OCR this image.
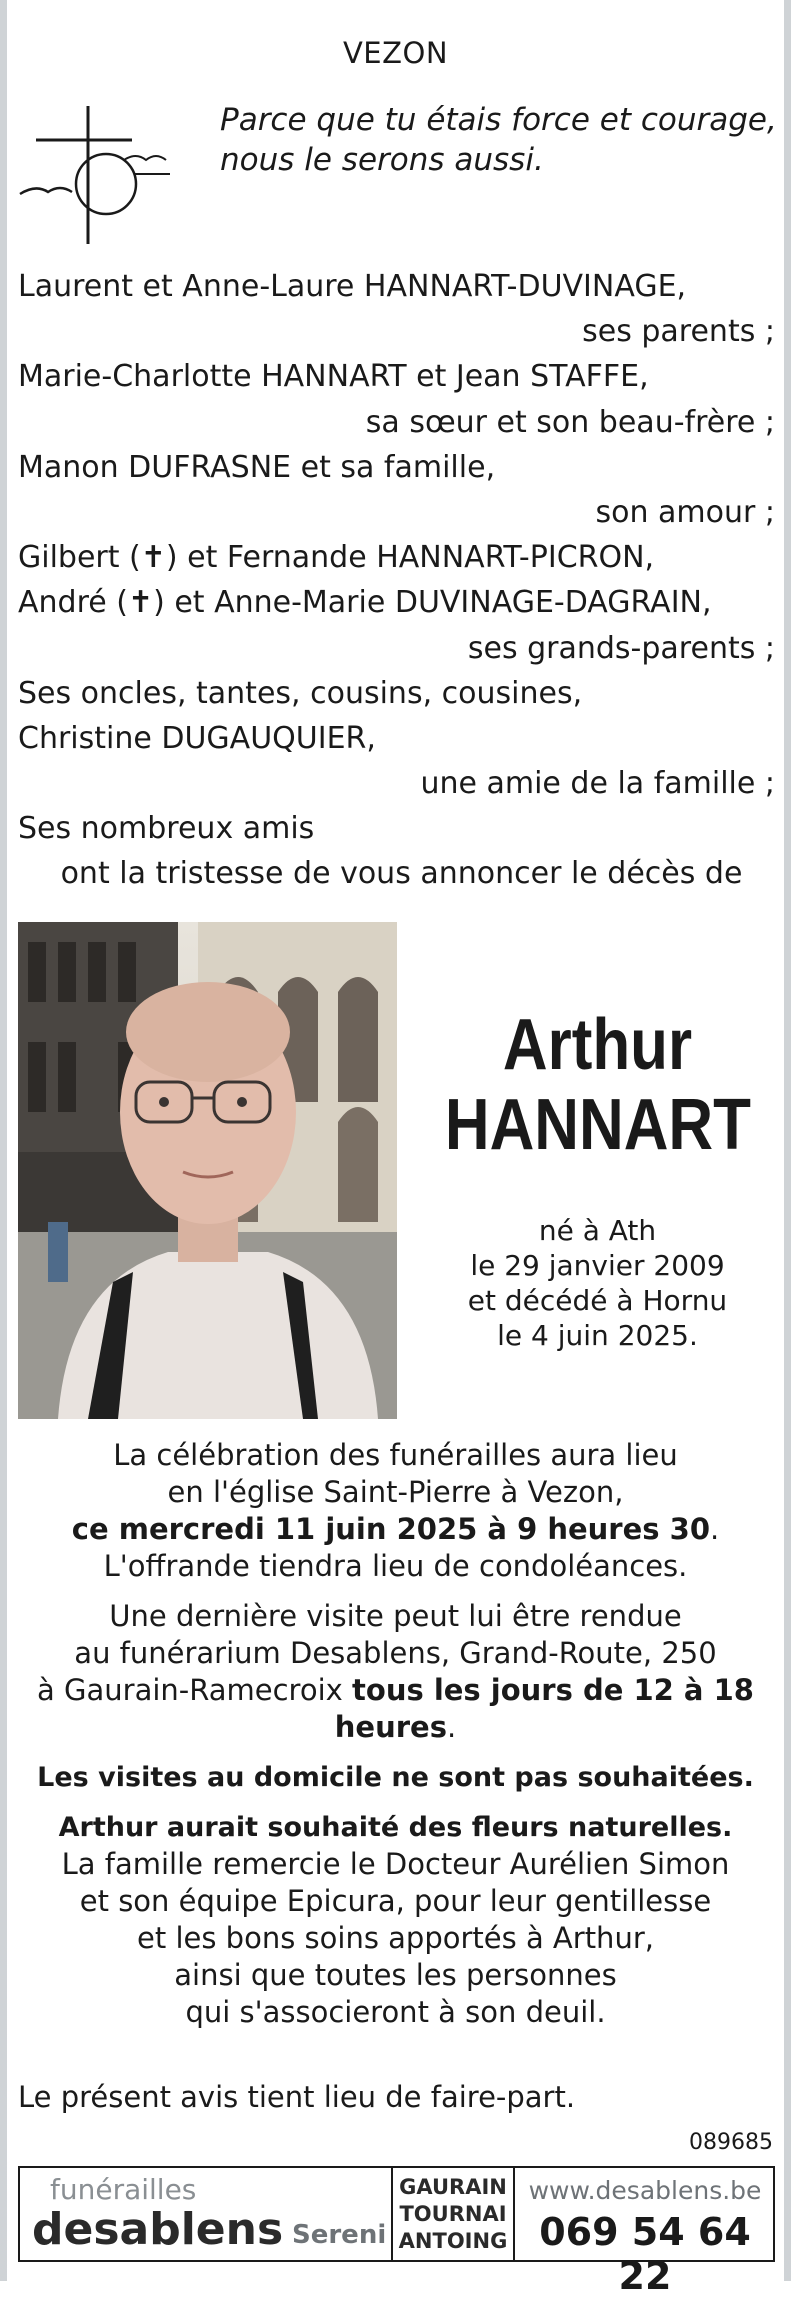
VEZON
Parce que tu étais force et courage,
nous le serons aussi.
Laurent et Anne-Laure HANNART-DUVINAGE,
ses parents ;
Marie-Charlotte HANNART et Jean STAFFE,
sa sœur et son beau-frère ;
Manon DUFRASNE et sa famille,
son amour ;
Gilbert (✝) et Fernande HANNART-PICRON,
André (✝) et Anne-Marie DUVINAGE-DAGRAIN,
ses grands-parents ;
Ses oncles, tantes, cousins, cousines,
Christine DUGAUQUIER,
une amie de la famille ;
Ses nombreux amis
ont la tristesse de vous annoncer le décès de
Arthur
HANNART
né à Ath
le 29 janvier 2009
et décédé à Hornu
le 4 juin 2025.

La célébration des funérailles aura lieu

en l'église Saint-Pierre à Vezon,

ce mercredi 11 juin 2025 à 9 heures 30.

L'offrande tiendra lieu de condoléances.

Une dernière visite peut lui être rendue

au funérarium Desablens, Grand-Route, 250

à Gaurain-Ramecroix tous les jours de 12 à 18 heures.

Les visites au domicile ne sont pas souhaitées.

Arthur aurait souhaité des fleurs naturelles.

La famille remercie le Docteur Aurélien Simon

et son équipe Epicura, pour leur gentillesse

et les bons soins apportés à Arthur,

ainsi que toutes les personnes

qui s'associeront à son deuil.

Le présent avis tient lieu de faire-part.
089685
funérailles
desablens Sereni
GAURAIN
TOURNAI
ANTOING
www.desablens.be
069 54 64 22
